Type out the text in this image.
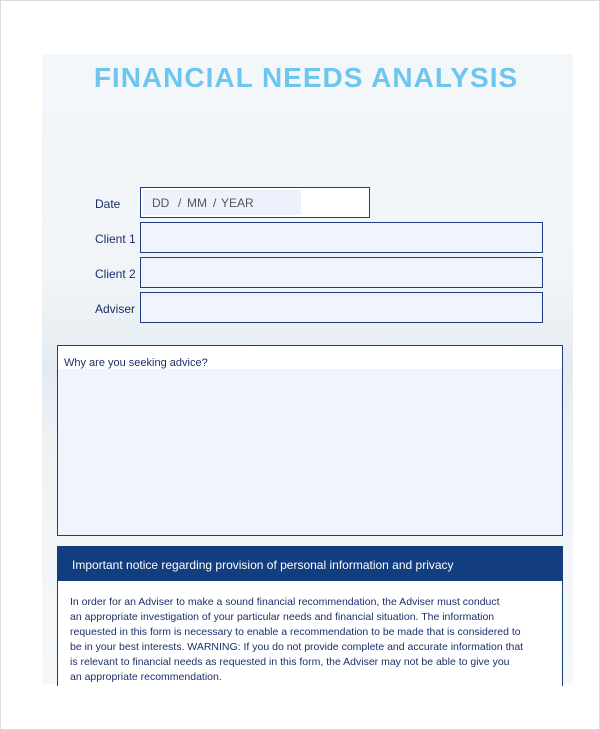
FINANCIAL NEEDS ANALYSIS
Date	DD / MM / YEAR
Client 1
Client 2
Adviser
Why are you seeking advice?
Important notice regarding provision of personal information and privacy
In order for an Adviser to make a sound financial recommendation, the Adviser must conduct
an appropriate investigation of your particular needs and financial situation. The information
requested in this form is necessary to enable a recommendation to be made that is considered to
be in your best interests. WARNING: If you do not provide complete and accurate information that
is relevant to financial needs as requested in this form, the Adviser may not be able to give you
an appropriate recommendation.
